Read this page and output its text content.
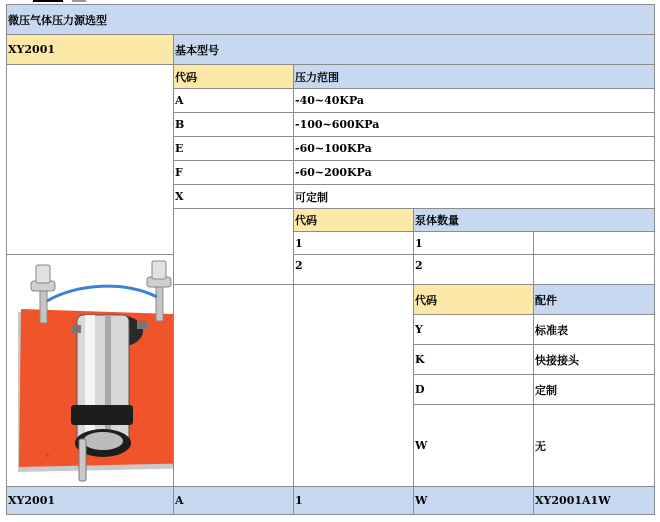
微压气体压力源选型				
XY2001	基本型号			
	代码	压力范围		
	A	-40~40KPa		
	B	-100~600KPa		
	E	-60~100KPa		
	F	-60~200KPa		
	X	可定制		
		代码	泵体数量	
		1	1	

		2	2	
			代码	配件
			Y	标准表
			K	快接接头
			D	定制
			W	无
XY2001	A	1	W	XY2001A1W
